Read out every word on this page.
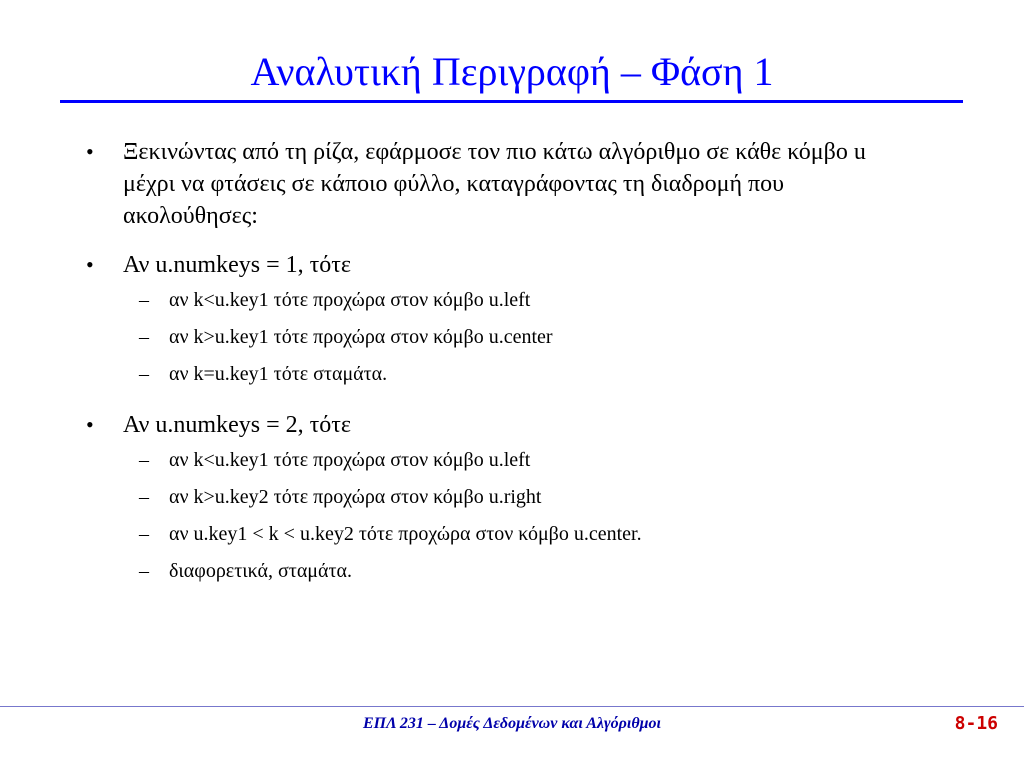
Αναλυτική Περιγραφή – Φάση 1
• Ξεκινώντας από τη ρίζα, εφάρμοσε τον πιο κάτω αλγόριθμο σε κάθε κόμβο u μέχρι να φτάσεις σε κάποιο φύλλο, καταγράφοντας τη διαδρομή που ακολούθησες:
• Αν u.numkeys = 1, τότε
– αν k<u.key1 τότε προχώρα στον κόμβο u.left
– αν k>u.key1 τότε προχώρα στον κόμβο u.center
– αν k=u.key1 τότε σταμάτα.
• Αν u.numkeys = 2, τότε
– αν k<u.key1 τότε προχώρα στον κόμβο u.left
– αν k>u.key2 τότε προχώρα στον κόμβο u.right
– αν u.key1 < k < u.key2 τότε προχώρα στον κόμβο u.center.
– διαφορετικά, σταμάτα.
ΕΠΛ 231 – Δομές Δεδομένων και Αλγόριθμοι	8-16
